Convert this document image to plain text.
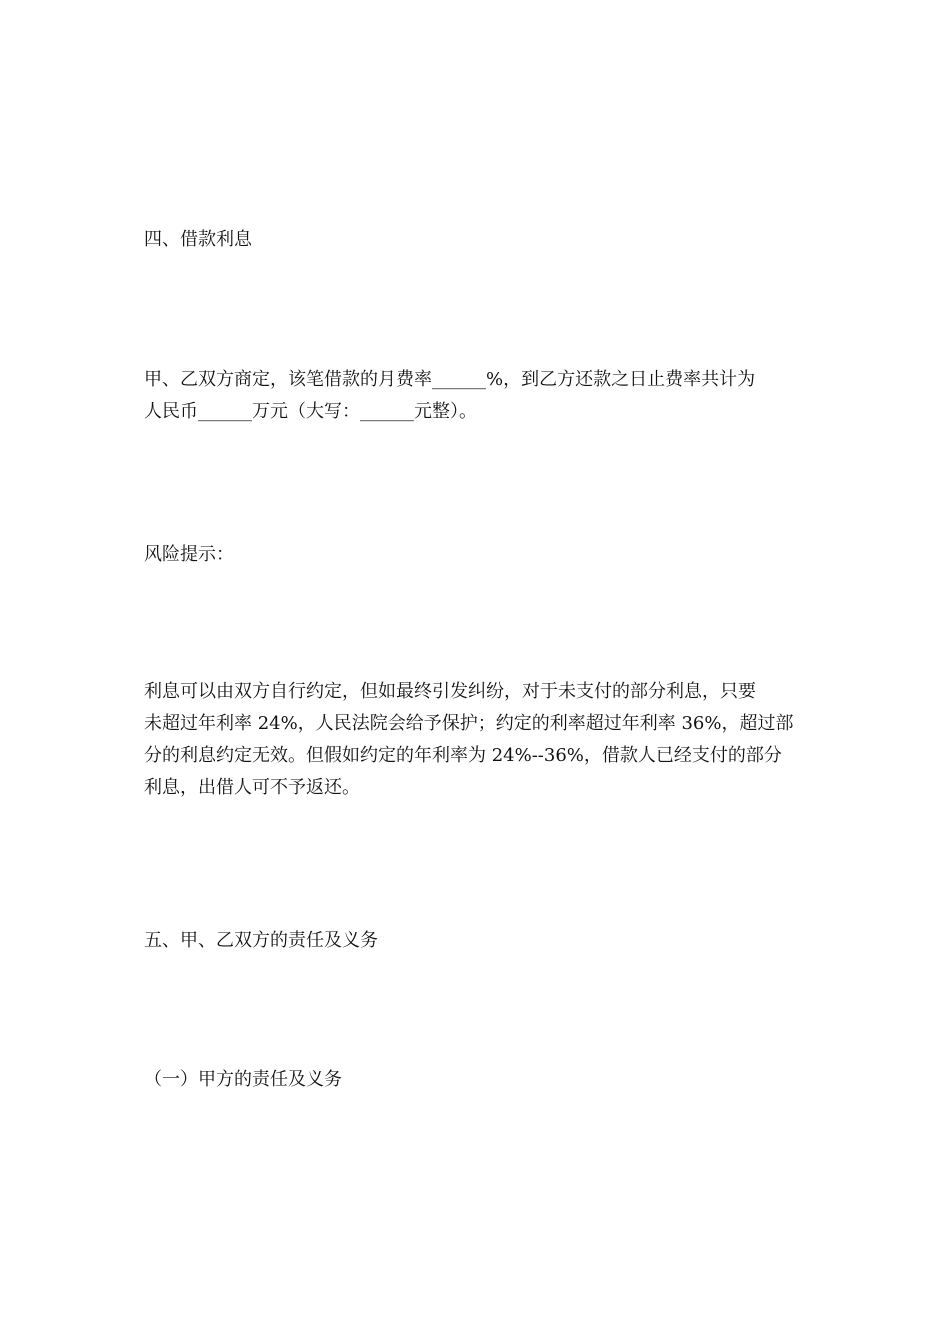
四、借款利息

甲、乙双方商定，该笔借款的月费率______%，到乙方还款之日止费率共计为
人民币______万元（大写：______元整）。

风险提示：

利息可以由双方自行约定，但如最终引发纠纷，对于未支付的部分利息，只要
未超过年利率 24%，人民法院会给予保护；约定的利率超过年利率 36%，超过部
分的利息约定无效。但假如约定的年利率为 24%--36%，借款人已经支付的部分
利息，出借人可不予返还。

五、甲、乙双方的责任及义务

（一）甲方的责任及义务
